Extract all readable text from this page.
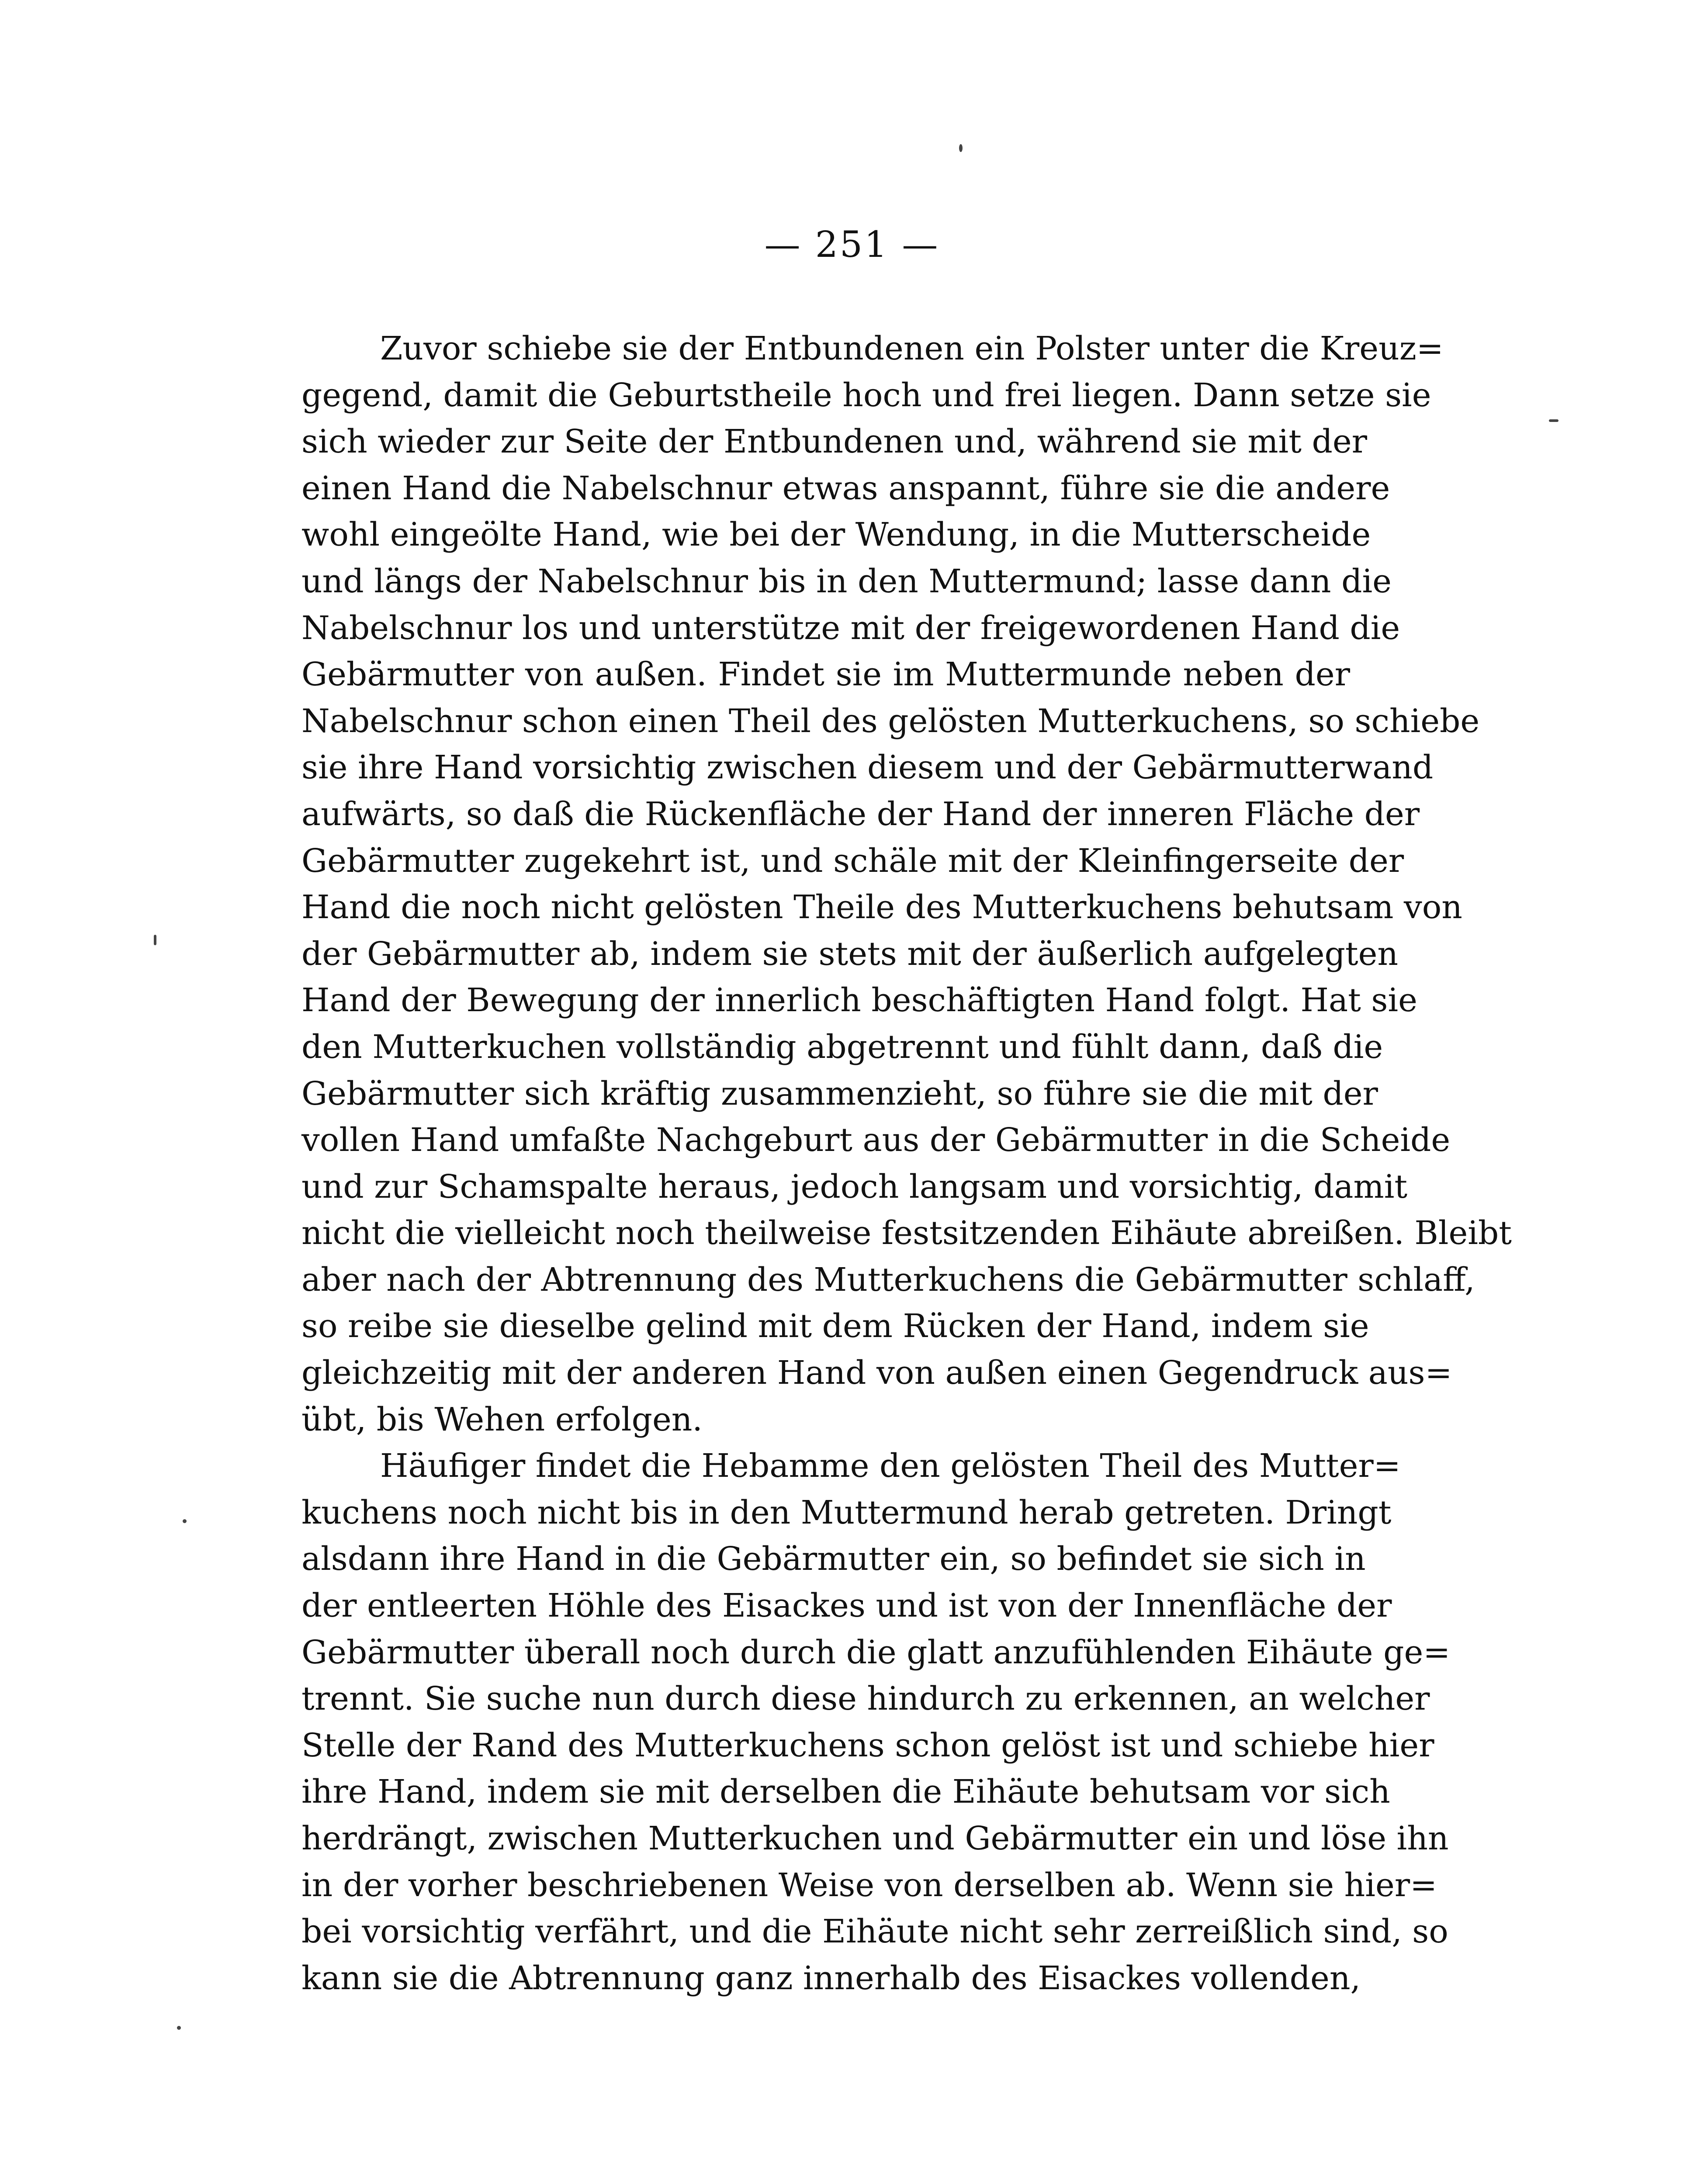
— 251 —
Zuvor schiebe sie der Entbundenen ein Polster unter die Kreuz=
gegend, damit die Geburtstheile hoch und frei liegen. Dann setze sie
sich wieder zur Seite der Entbundenen und, während sie mit der
einen Hand die Nabelschnur etwas anspannt, führe sie die andere
wohl eingeölte Hand, wie bei der Wendung, in die Mutterscheide
und längs der Nabelschnur bis in den Muttermund; lasse dann die
Nabelschnur los und unterstütze mit der freigewordenen Hand die
Gebärmutter von außen. Findet sie im Muttermunde neben der
Nabelschnur schon einen Theil des gelösten Mutterkuchens, so schiebe
sie ihre Hand vorsichtig zwischen diesem und der Gebärmutterwand
aufwärts, so daß die Rückenfläche der Hand der inneren Fläche der
Gebärmutter zugekehrt ist, und schäle mit der Kleinfingerseite der
Hand die noch nicht gelösten Theile des Mutterkuchens behutsam von
der Gebärmutter ab, indem sie stets mit der äußerlich aufgelegten
Hand der Bewegung der innerlich beschäftigten Hand folgt. Hat sie
den Mutterkuchen vollständig abgetrennt und fühlt dann, daß die
Gebärmutter sich kräftig zusammenzieht, so führe sie die mit der
vollen Hand umfaßte Nachgeburt aus der Gebärmutter in die Scheide
und zur Schamspalte heraus, jedoch langsam und vorsichtig, damit
nicht die vielleicht noch theilweise festsitzenden Eihäute abreißen. Bleibt
aber nach der Abtrennung des Mutterkuchens die Gebärmutter schlaff,
so reibe sie dieselbe gelind mit dem Rücken der Hand, indem sie
gleichzeitig mit der anderen Hand von außen einen Gegendruck aus=
übt, bis Wehen erfolgen.
Häufiger findet die Hebamme den gelösten Theil des Mutter=
kuchens noch nicht bis in den Muttermund herab getreten. Dringt
alsdann ihre Hand in die Gebärmutter ein, so befindet sie sich in
der entleerten Höhle des Eisackes und ist von der Innenfläche der
Gebärmutter überall noch durch die glatt anzufühlenden Eihäute ge=
trennt. Sie suche nun durch diese hindurch zu erkennen, an welcher
Stelle der Rand des Mutterkuchens schon gelöst ist und schiebe hier
ihre Hand, indem sie mit derselben die Eihäute behutsam vor sich
herdrängt, zwischen Mutterkuchen und Gebärmutter ein und löse ihn
in der vorher beschriebenen Weise von derselben ab. Wenn sie hier=
bei vorsichtig verfährt, und die Eihäute nicht sehr zerreißlich sind, so
kann sie die Abtrennung ganz innerhalb des Eisackes vollenden,
